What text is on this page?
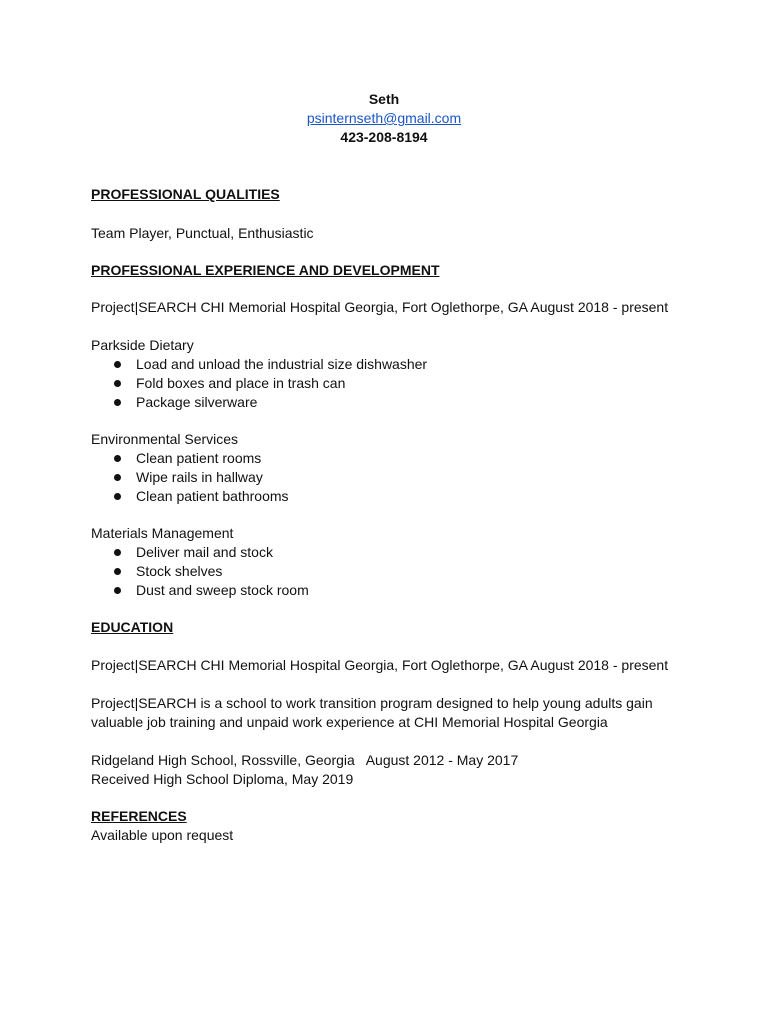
Seth
psinternseth@gmail.com
423-208-8194
PROFESSIONAL QUALITIES
Team Player, Punctual, Enthusiastic
PROFESSIONAL EXPERIENCE AND DEVELOPMENT
Project|SEARCH CHI Memorial Hospital Georgia, Fort Oglethorpe, GA August 2018 - present
Parkside Dietary
Load and unload the industrial size dishwasher
Fold boxes and place in trash can
Package silverware
Environmental Services
Clean patient rooms
Wipe rails in hallway
Clean patient bathrooms
Materials Management
Deliver mail and stock
Stock shelves
Dust and sweep stock room
EDUCATION
Project|SEARCH CHI Memorial Hospital Georgia, Fort Oglethorpe, GA August 2018 - present
Project|SEARCH is a school to work transition program designed to help young adults gain
valuable job training and unpaid work experience at CHI Memorial Hospital Georgia
Ridgeland High School, Rossville, Georgia   August 2012 - May 2017
Received High School Diploma, May 2019
REFERENCES
Available upon request
